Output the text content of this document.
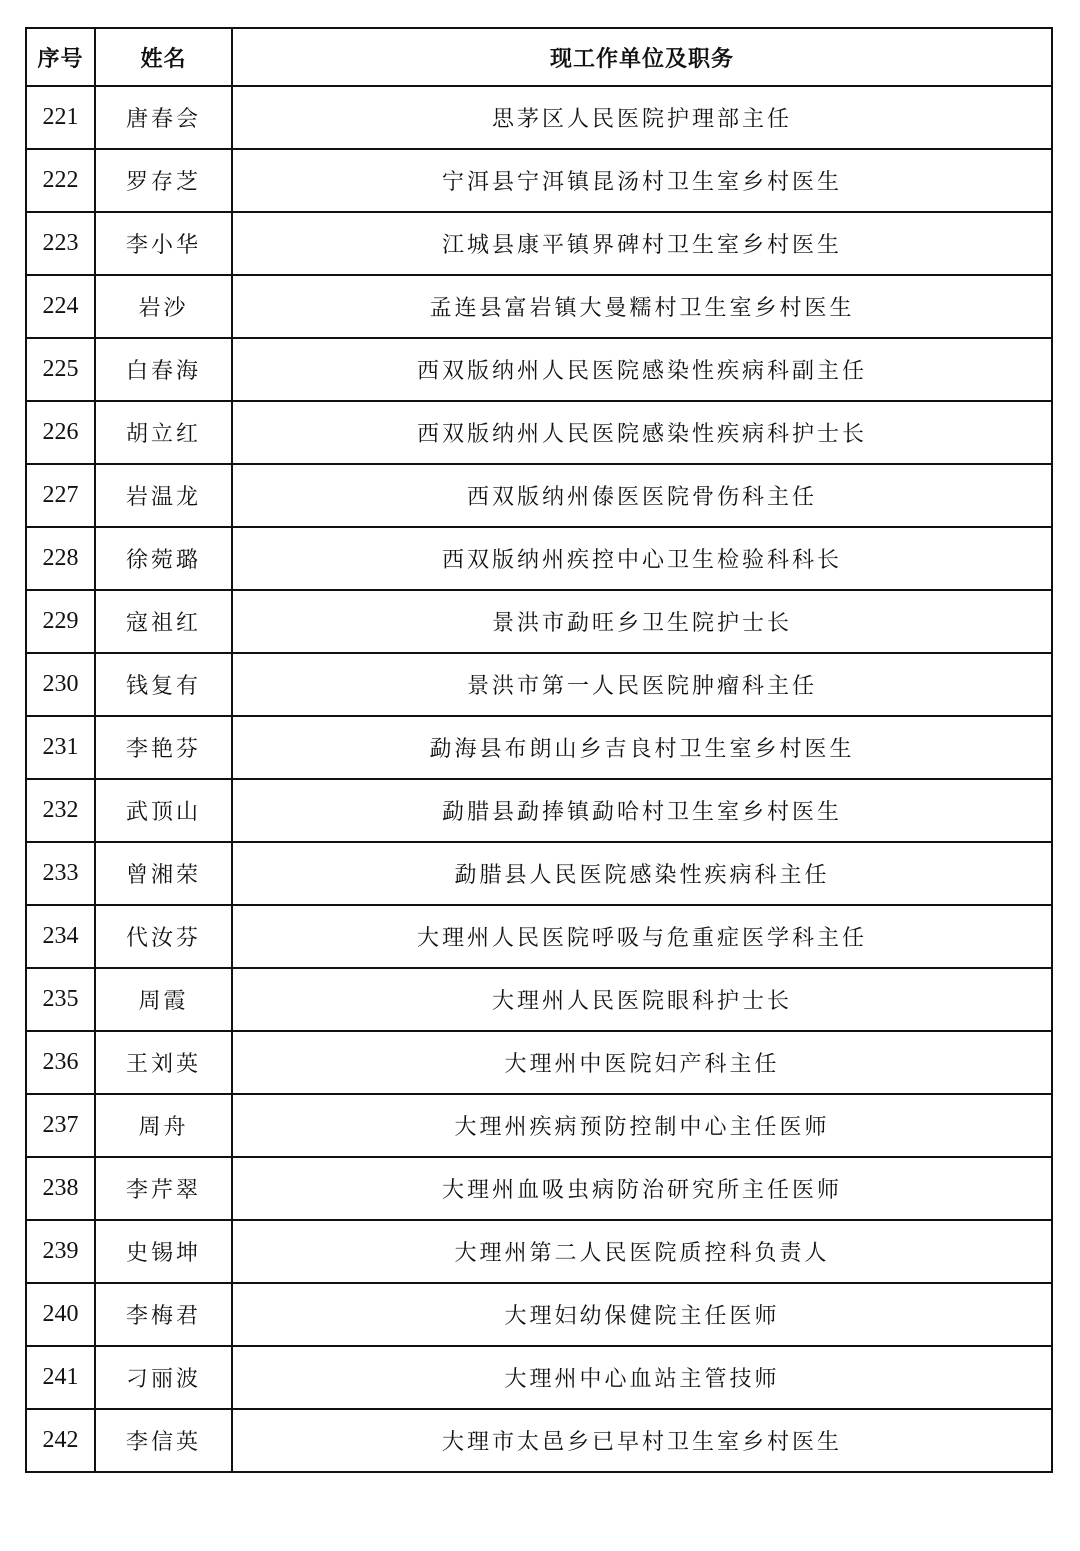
序号	姓名	现工作单位及职务
221	唐春会	思茅区人民医院护理部主任
222	罗存芝	宁洱县宁洱镇昆汤村卫生室乡村医生
223	李小华	江城县康平镇界碑村卫生室乡村医生
224	岩沙	孟连县富岩镇大曼糯村卫生室乡村医生
225	白春海	西双版纳州人民医院感染性疾病科副主任
226	胡立红	西双版纳州人民医院感染性疾病科护士长
227	岩温龙	西双版纳州傣医医院骨伤科主任
228	徐菀璐	西双版纳州疾控中心卫生检验科科长
229	寇祖红	景洪市勐旺乡卫生院护士长
230	钱复有	景洪市第一人民医院肿瘤科主任
231	李艳芬	勐海县布朗山乡吉良村卫生室乡村医生
232	武顶山	勐腊县勐捧镇勐哈村卫生室乡村医生
233	曾湘荣	勐腊县人民医院感染性疾病科主任
234	代汝芬	大理州人民医院呼吸与危重症医学科主任
235	周霞	大理州人民医院眼科护士长
236	王刘英	大理州中医院妇产科主任
237	周舟	大理州疾病预防控制中心主任医师
238	李芹翠	大理州血吸虫病防治研究所主任医师
239	史锡坤	大理州第二人民医院质控科负责人
240	李梅君	大理妇幼保健院主任医师
241	刁丽波	大理州中心血站主管技师
242	李信英	大理市太邑乡已早村卫生室乡村医生
